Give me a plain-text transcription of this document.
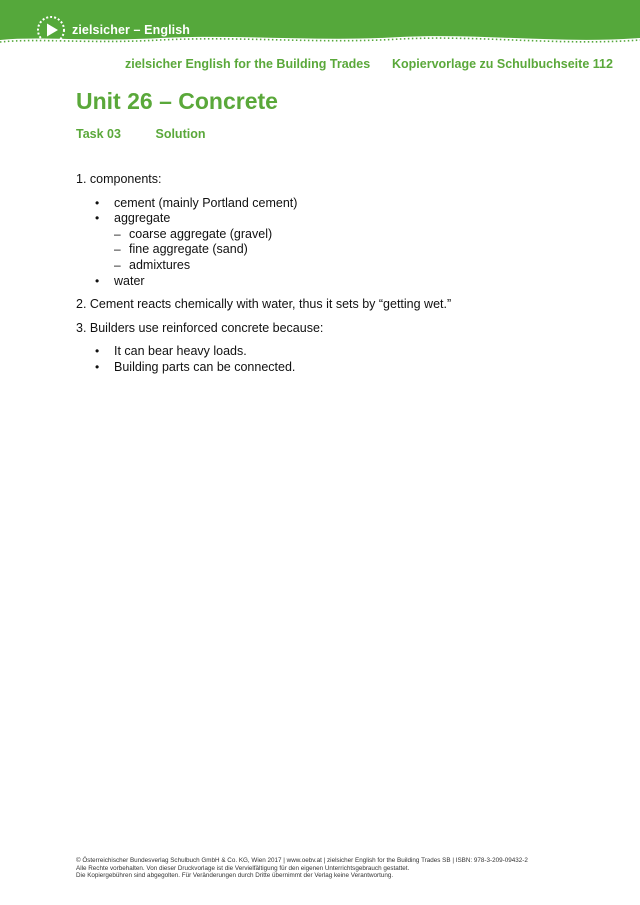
zielsicher – English
zielsicher English for the Building Trades Kopiervorlage zu Schulbuchseite 112
Unit 26 – Concrete
Task 03	Solution

1. components:

• cement (mainly Portland cement)
• aggregate
– coarse aggregate (gravel)
– fine aggregate (sand)
– admixtures
• water

2. Cement reacts chemically with water, thus it sets by “getting wet.”

3. Builders use reinforced concrete because:

• It can bear heavy loads.
• Building parts can be connected.
© Österreichischer Bundesverlag Schulbuch GmbH & Co. KG, Wien 2017 | www.oebv.at | zielsicher English for the Building Trades SB | ISBN: 978-3-209-09432-2
Alle Rechte vorbehalten. Von dieser Druckvorlage ist die Vervielfältigung für den eigenen Unterrichtsgebrauch gestattet.
Die Kopiergebühren sind abgegolten. Für Veränderungen durch Dritte übernimmt der Verlag keine Verantwortung.
